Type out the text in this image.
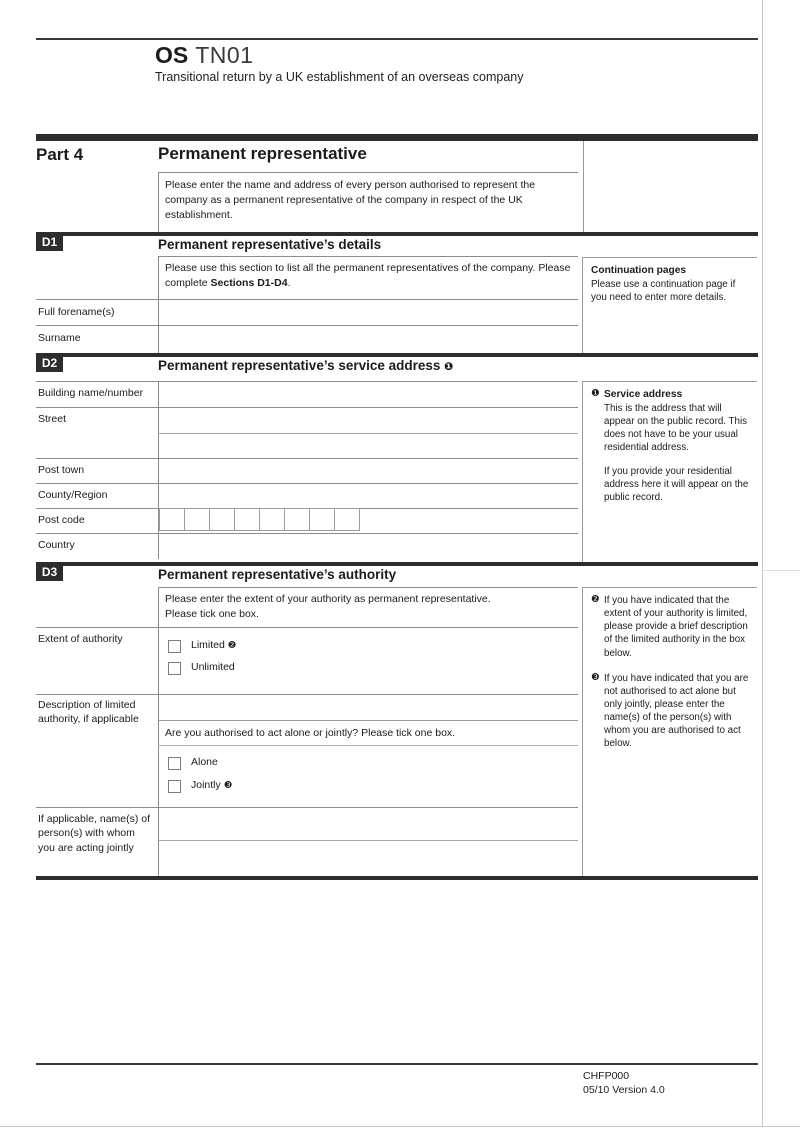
OS TN01
Transitional return by a UK establishment of an overseas company
Part 4	Permanent representative
Please enter the name and address of every person authorised to represent the company as a permanent representative of the company in respect of the UK establishment.
D1	Permanent representative’s details
Please use this section to list all the permanent representatives of the company. Please complete Sections D1-D4.
Full forename(s)
Surname
Continuation pages
Please use a continuation page if you need to enter more details.
D2	Permanent representative’s service address ❶
Building name/number
Street
Post town
County/Region
Post code
Country
❶ Service address
This is the address that will appear on the public record. This does not have to be your usual residential address.
If you provide your residential address here it will appear on the public record.
D3	Permanent representative’s authority
Please enter the extent of your authority as permanent representative.
Please tick one box.
Extent of authority	Limited ❷
Unlimited
Description of limited authority, if applicable
Are you authorised to act alone or jointly? Please tick one box.
Alone
Jointly ❸
If applicable, name(s) of person(s) with whom you are acting jointly
❷ If you have indicated that the extent of your authority is limited, please provide a brief description of the limited authority in the box below.
❸ If you have indicated that you are not authorised to act alone but only jointly, please enter the name(s) of the person(s) with whom you are authorised to act below.
CHFP000
05/10 Version 4.0
